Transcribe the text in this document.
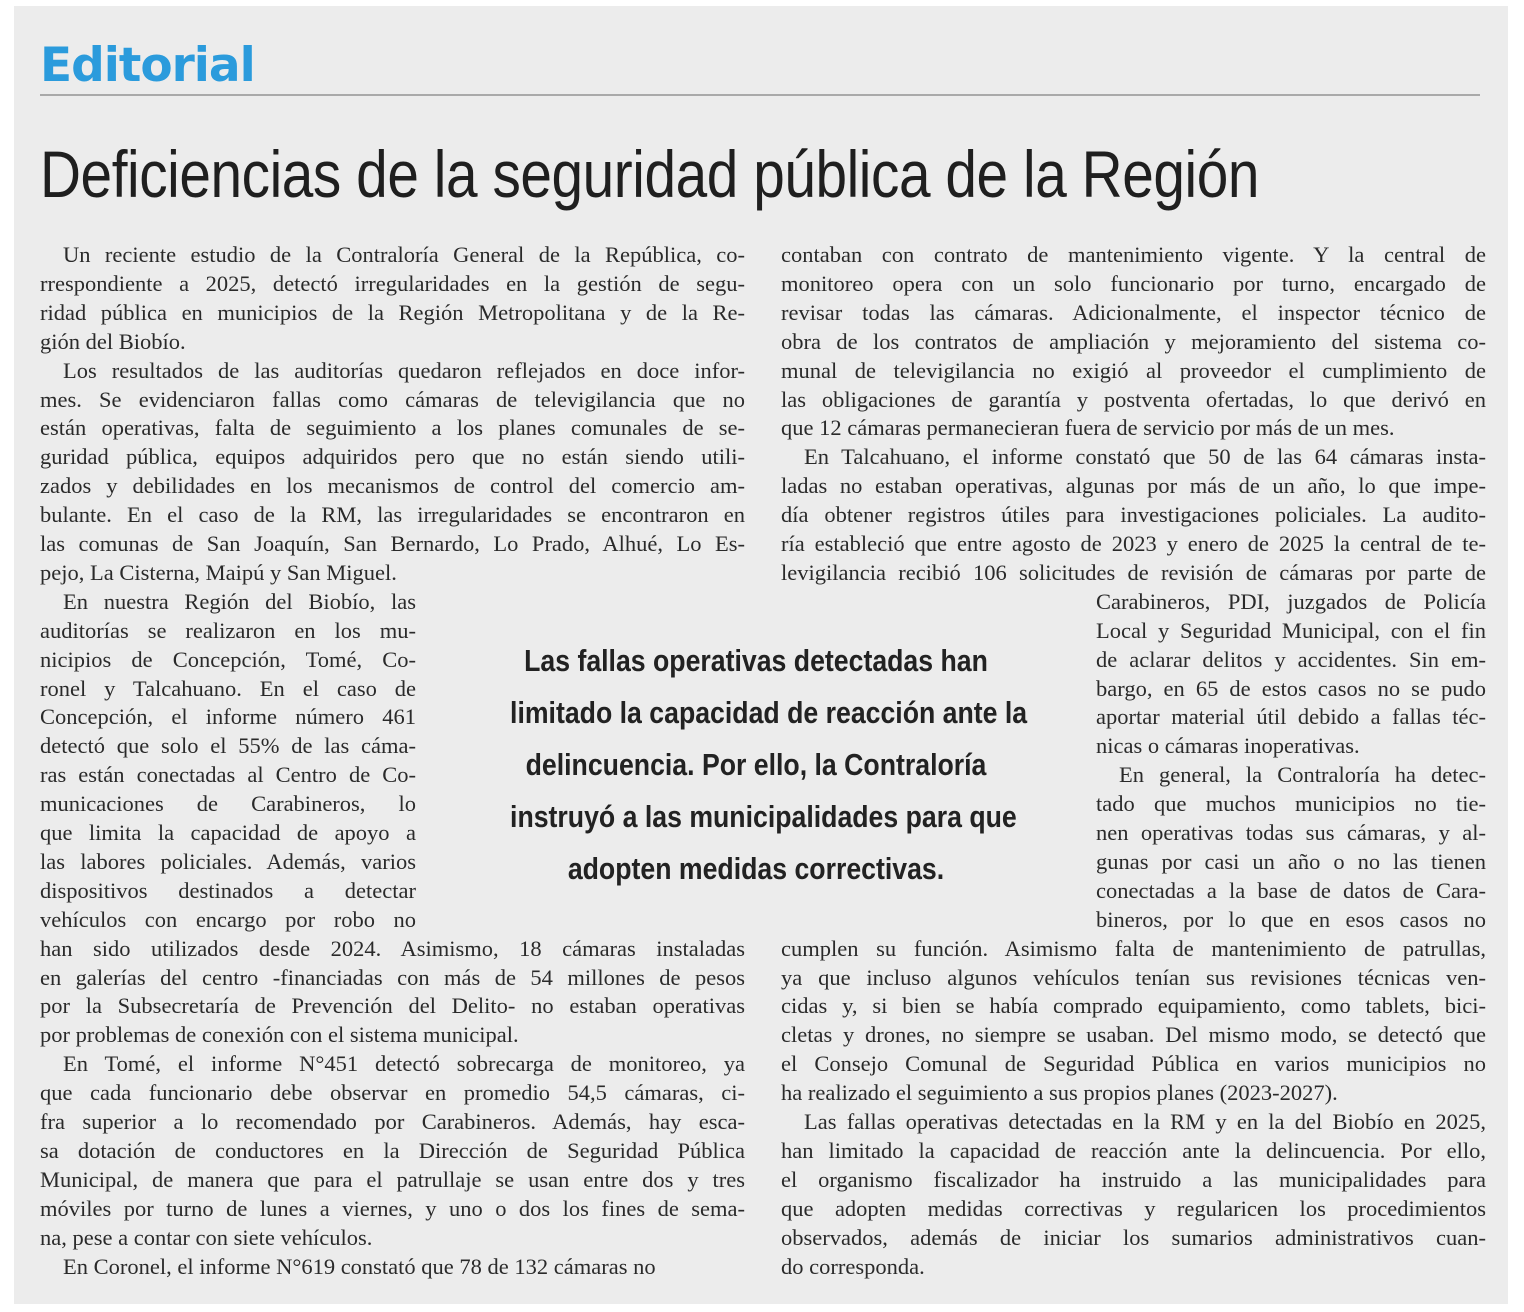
Editorial
Deficiencias de la seguridad pública de la Región
Un reciente estudio de la Contraloría General de la República, co-
rrespondiente a 2025, detectó irregularidades en la gestión de segu-
ridad pública en municipios de la Región Metropolitana y de la Re-
gión del Biobío.
Los resultados de las auditorías quedaron reflejados en doce infor-
mes. Se evidenciaron fallas como cámaras de televigilancia que no
están operativas, falta de seguimiento a los planes comunales de se-
guridad pública, equipos adquiridos pero que no están siendo utili-
zados y debilidades en los mecanismos de control del comercio am-
bulante. En el caso de la RM, las irregularidades se encontraron en
las comunas de San Joaquín, San Bernardo, Lo Prado, Alhué, Lo Es-
pejo, La Cisterna, Maipú y San Miguel.
En nuestra Región del Biobío, las
auditorías se realizaron en los mu-
nicipios de Concepción, Tomé, Co-
ronel y Talcahuano. En el caso de
Concepción, el informe número 461
detectó que solo el 55% de las cáma-
ras están conectadas al Centro de Co-
municaciones de Carabineros, lo
que limita la capacidad de apoyo a
las labores policiales. Además, varios
dispositivos destinados a detectar
vehículos con encargo por robo no
han sido utilizados desde 2024. Asimismo, 18 cámaras instaladas
en galerías del centro -financiadas con más de 54 millones de pesos
por la Subsecretaría de Prevención del Delito- no estaban operativas
por problemas de conexión con el sistema municipal.
En Tomé, el informe N°451 detectó sobrecarga de monitoreo, ya
que cada funcionario debe observar en promedio 54,5 cámaras, ci-
fra superior a lo recomendado por Carabineros. Además, hay esca-
sa dotación de conductores en la Dirección de Seguridad Pública
Municipal, de manera que para el patrullaje se usan entre dos y tres
móviles por turno de lunes a viernes, y uno o dos los fines de sema-
na, pese a contar con siete vehículos.
En Coronel, el informe N°619 constató que 78 de 132 cámaras no
contaban con contrato de mantenimiento vigente. Y la central de
monitoreo opera con un solo funcionario por turno, encargado de
revisar todas las cámaras. Adicionalmente, el inspector técnico de
obra de los contratos de ampliación y mejoramiento del sistema co-
munal de televigilancia no exigió al proveedor el cumplimiento de
las obligaciones de garantía y postventa ofertadas, lo que derivó en
que 12 cámaras permanecieran fuera de servicio por más de un mes.
En Talcahuano, el informe constató que 50 de las 64 cámaras insta-
ladas no estaban operativas, algunas por más de un año, lo que impe-
día obtener registros útiles para investigaciones policiales. La audito-
ría estableció que entre agosto de 2023 y enero de 2025 la central de te-
levigilancia recibió 106 solicitudes de revisión de cámaras por parte de
Carabineros, PDI, juzgados de Policía
Local y Seguridad Municipal, con el fin
de aclarar delitos y accidentes. Sin em-
bargo, en 65 de estos casos no se pudo
aportar material útil debido a fallas téc-
nicas o cámaras inoperativas.
En general, la Contraloría ha detec-
tado que muchos municipios no tie-
nen operativas todas sus cámaras, y al-
gunas por casi un año o no las tienen
conectadas a la base de datos de Cara-
bineros, por lo que en esos casos no
cumplen su función. Asimismo falta de mantenimiento de patrullas,
ya que incluso algunos vehículos tenían sus revisiones técnicas ven-
cidas y, si bien se había comprado equipamiento, como tablets, bici-
cletas y drones, no siempre se usaban. Del mismo modo, se detectó que
el Consejo Comunal de Seguridad Pública en varios municipios no
ha realizado el seguimiento a sus propios planes (2023-2027).
Las fallas operativas detectadas en la RM y en la del Biobío en 2025,
han limitado la capacidad de reacción ante la delincuencia. Por ello,
el organismo fiscalizador ha instruido a las municipalidades para
que adopten medidas correctivas y regularicen los procedimientos
observados, además de iniciar los sumarios administrativos cuan-
do corresponda.
Las fallas operativas detectadas han
limitado la capacidad de reacción ante la
delincuencia. Por ello, la Contraloría
instruyó a las municipalidades para que
adopten medidas correctivas.
